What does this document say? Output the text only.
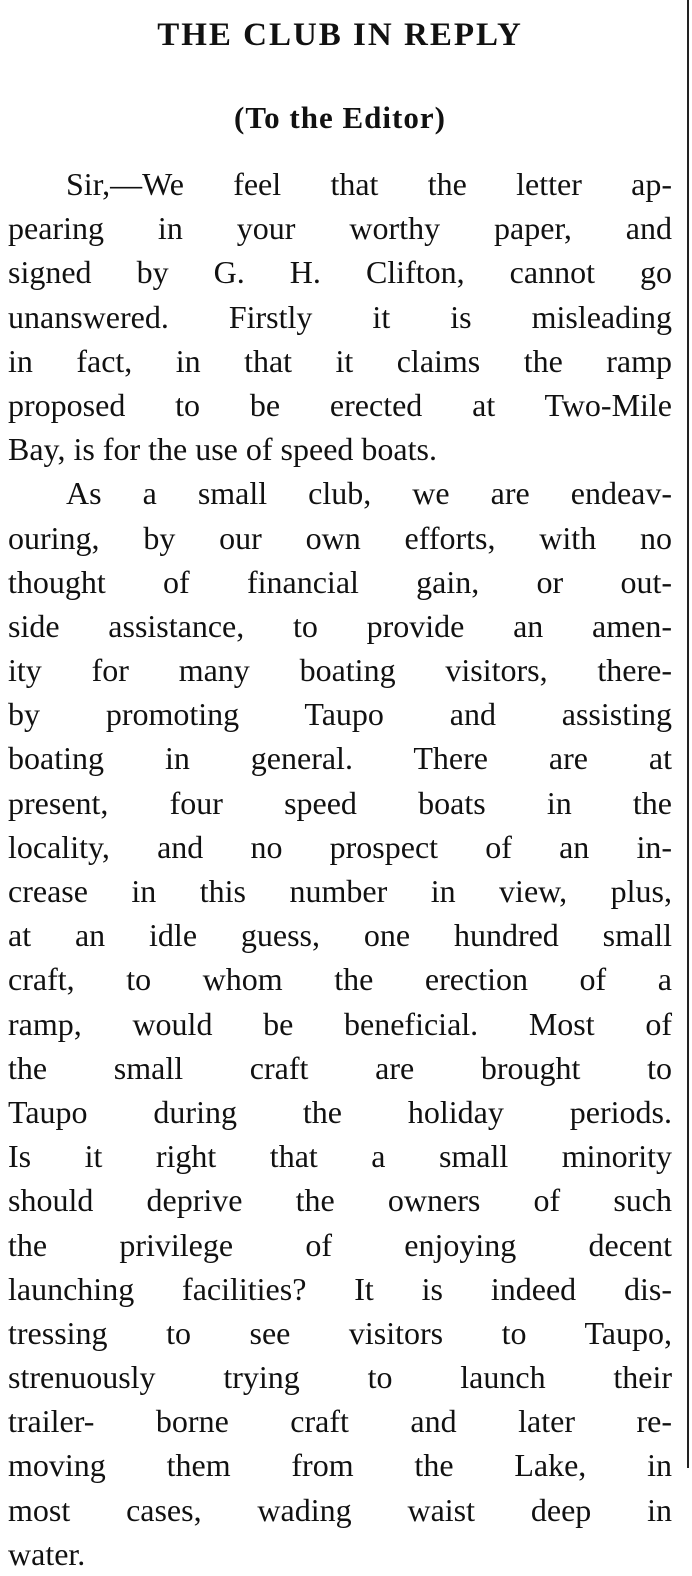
THE CLUB IN REPLY
(To the Editor)
Sir,—We feel that the letter ap-
pearing in your worthy paper, and
signed by G. H. Clifton, cannot go
unanswered. Firstly it is misleading
in fact, in that it claims the ramp
proposed to be erected at Two-Mile
Bay, is for the use of speed boats.
As a small club, we are endeav-
ouring, by our own efforts, with no
thought of financial gain, or out-
side assistance, to provide an amen-
ity for many boating visitors, there-
by promoting Taupo and assisting
boating in general. There are at
present, four speed boats in the
locality, and no prospect of an in-
crease in this number in view, plus,
at an idle guess, one hundred small
craft, to whom the erection of a
ramp, would be beneficial. Most of
the small craft are brought to
Taupo during the holiday periods.
Is it right that a small minority
should deprive the owners of such
the privilege of enjoying decent
launching facilities? It is indeed dis-
tressing to see visitors to Taupo,
strenuously trying to launch their
trailer- borne craft and later re-
moving them from the Lake, in
most cases, wading waist deep in
water.
